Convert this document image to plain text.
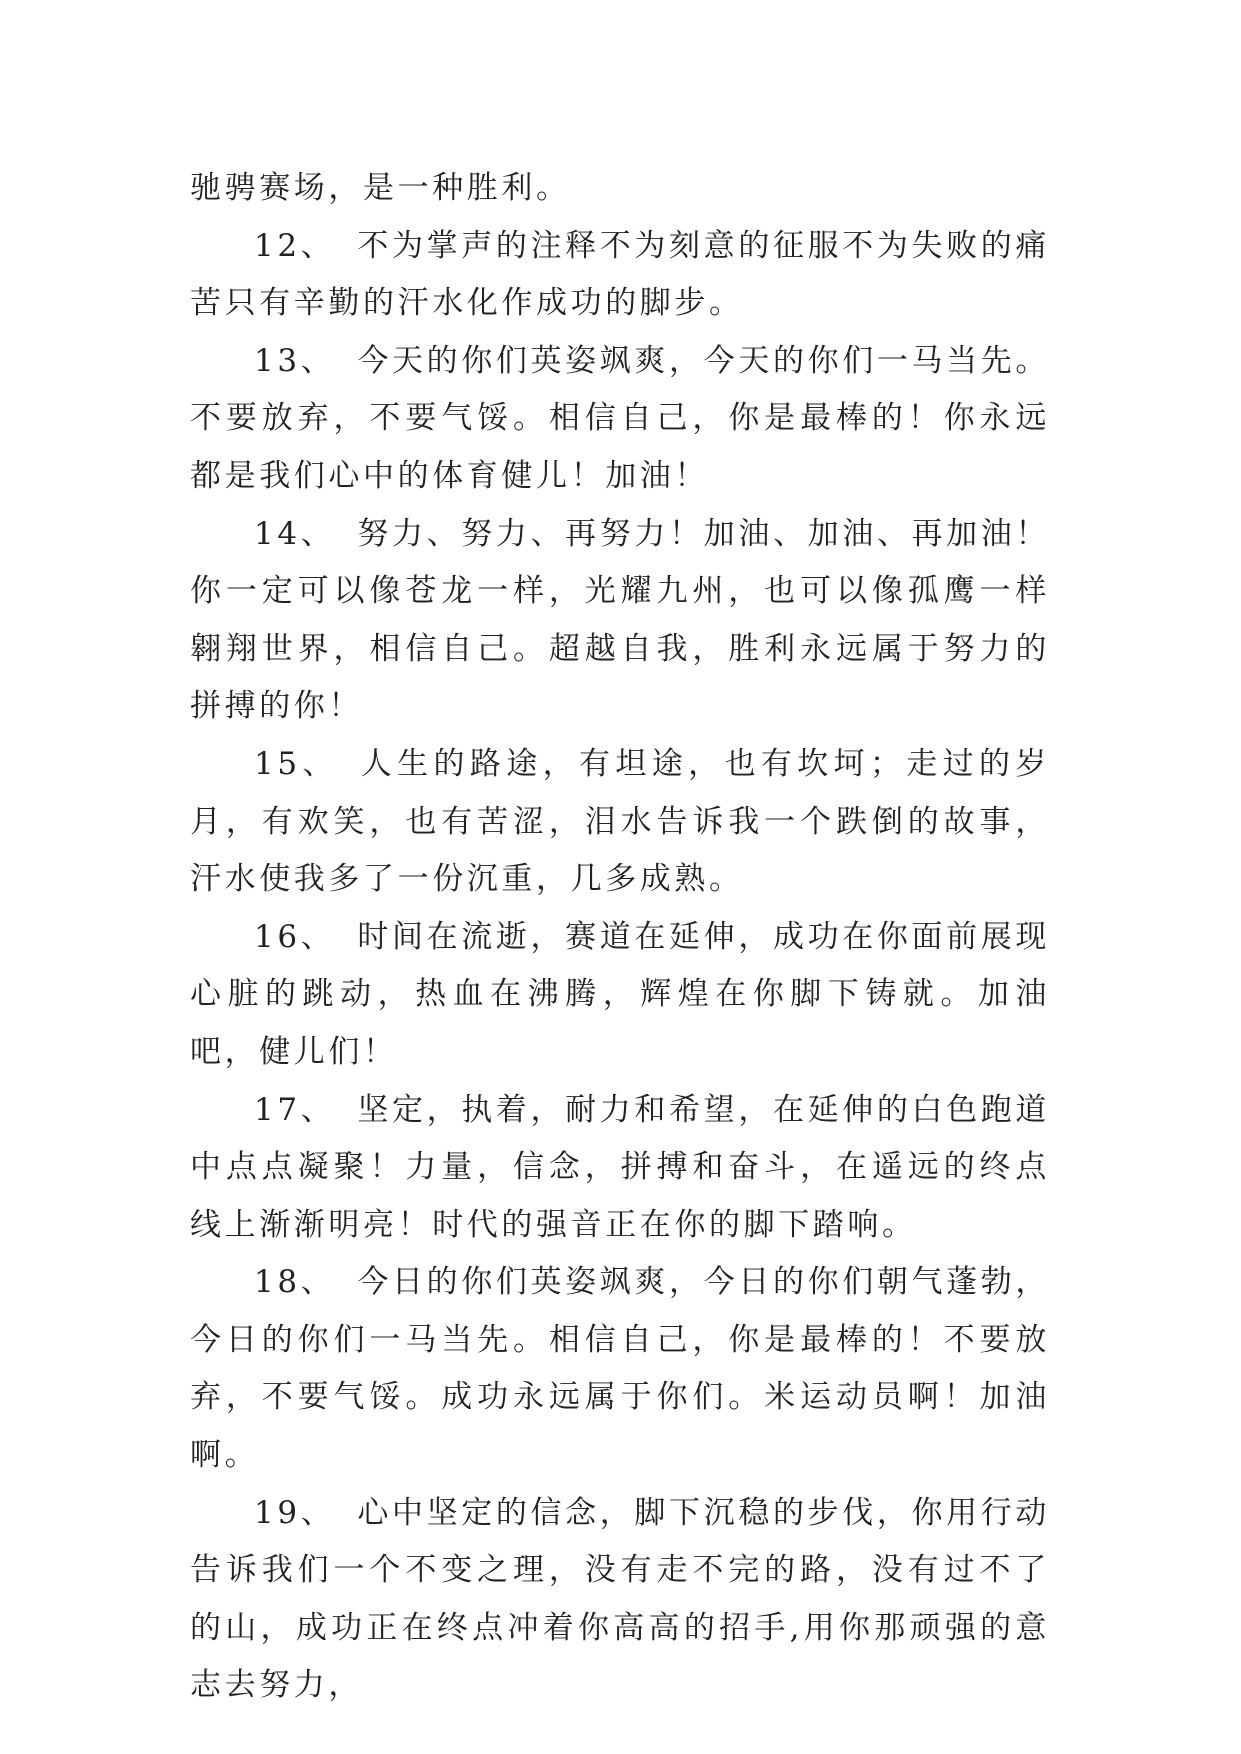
驰骋赛场，是一种胜利。

12、 不为掌声的注释不为刻意的征服不为失败的痛苦只有辛勤的汗水化作成功的脚步。

13、 今天的你们英姿飒爽，今天的你们一马当先。不要放弃，不要气馁。相信自己，你是最棒的！你永远都是我们心中的体育健儿！加油！

14、 努力、努力、再努力！加油、加油、再加油！你一定可以像苍龙一样，光耀九州，也可以像孤鹰一样翱翔世界，相信自己。超越自我，胜利永远属于努力的拼搏的你！

15、 人生的路途，有坦途，也有坎坷；走过的岁月，有欢笑，也有苦涩，泪水告诉我一个跌倒的故事，汗水使我多了一份沉重，几多成熟。

16、 时间在流逝，赛道在延伸，成功在你面前展现心脏的跳动，热血在沸腾，辉煌在你脚下铸就。加油吧，健儿们！

17、 坚定，执着，耐力和希望，在延伸的白色跑道中点点凝聚！力量，信念，拼搏和奋斗，在遥远的终点线上渐渐明亮！时代的强音正在你的脚下踏响。

18、 今日的你们英姿飒爽，今日的你们朝气蓬勃，今日的你们一马当先。相信自己，你是最棒的！不要放弃，不要气馁。成功永远属于你们。米运动员啊！加油啊。

19、 心中坚定的信念，脚下沉稳的步伐，你用行动告诉我们一个不变之理，没有走不完的路，没有过不了的山，成功正在终点冲着你高高的招手,用你那顽强的意志去努力，
